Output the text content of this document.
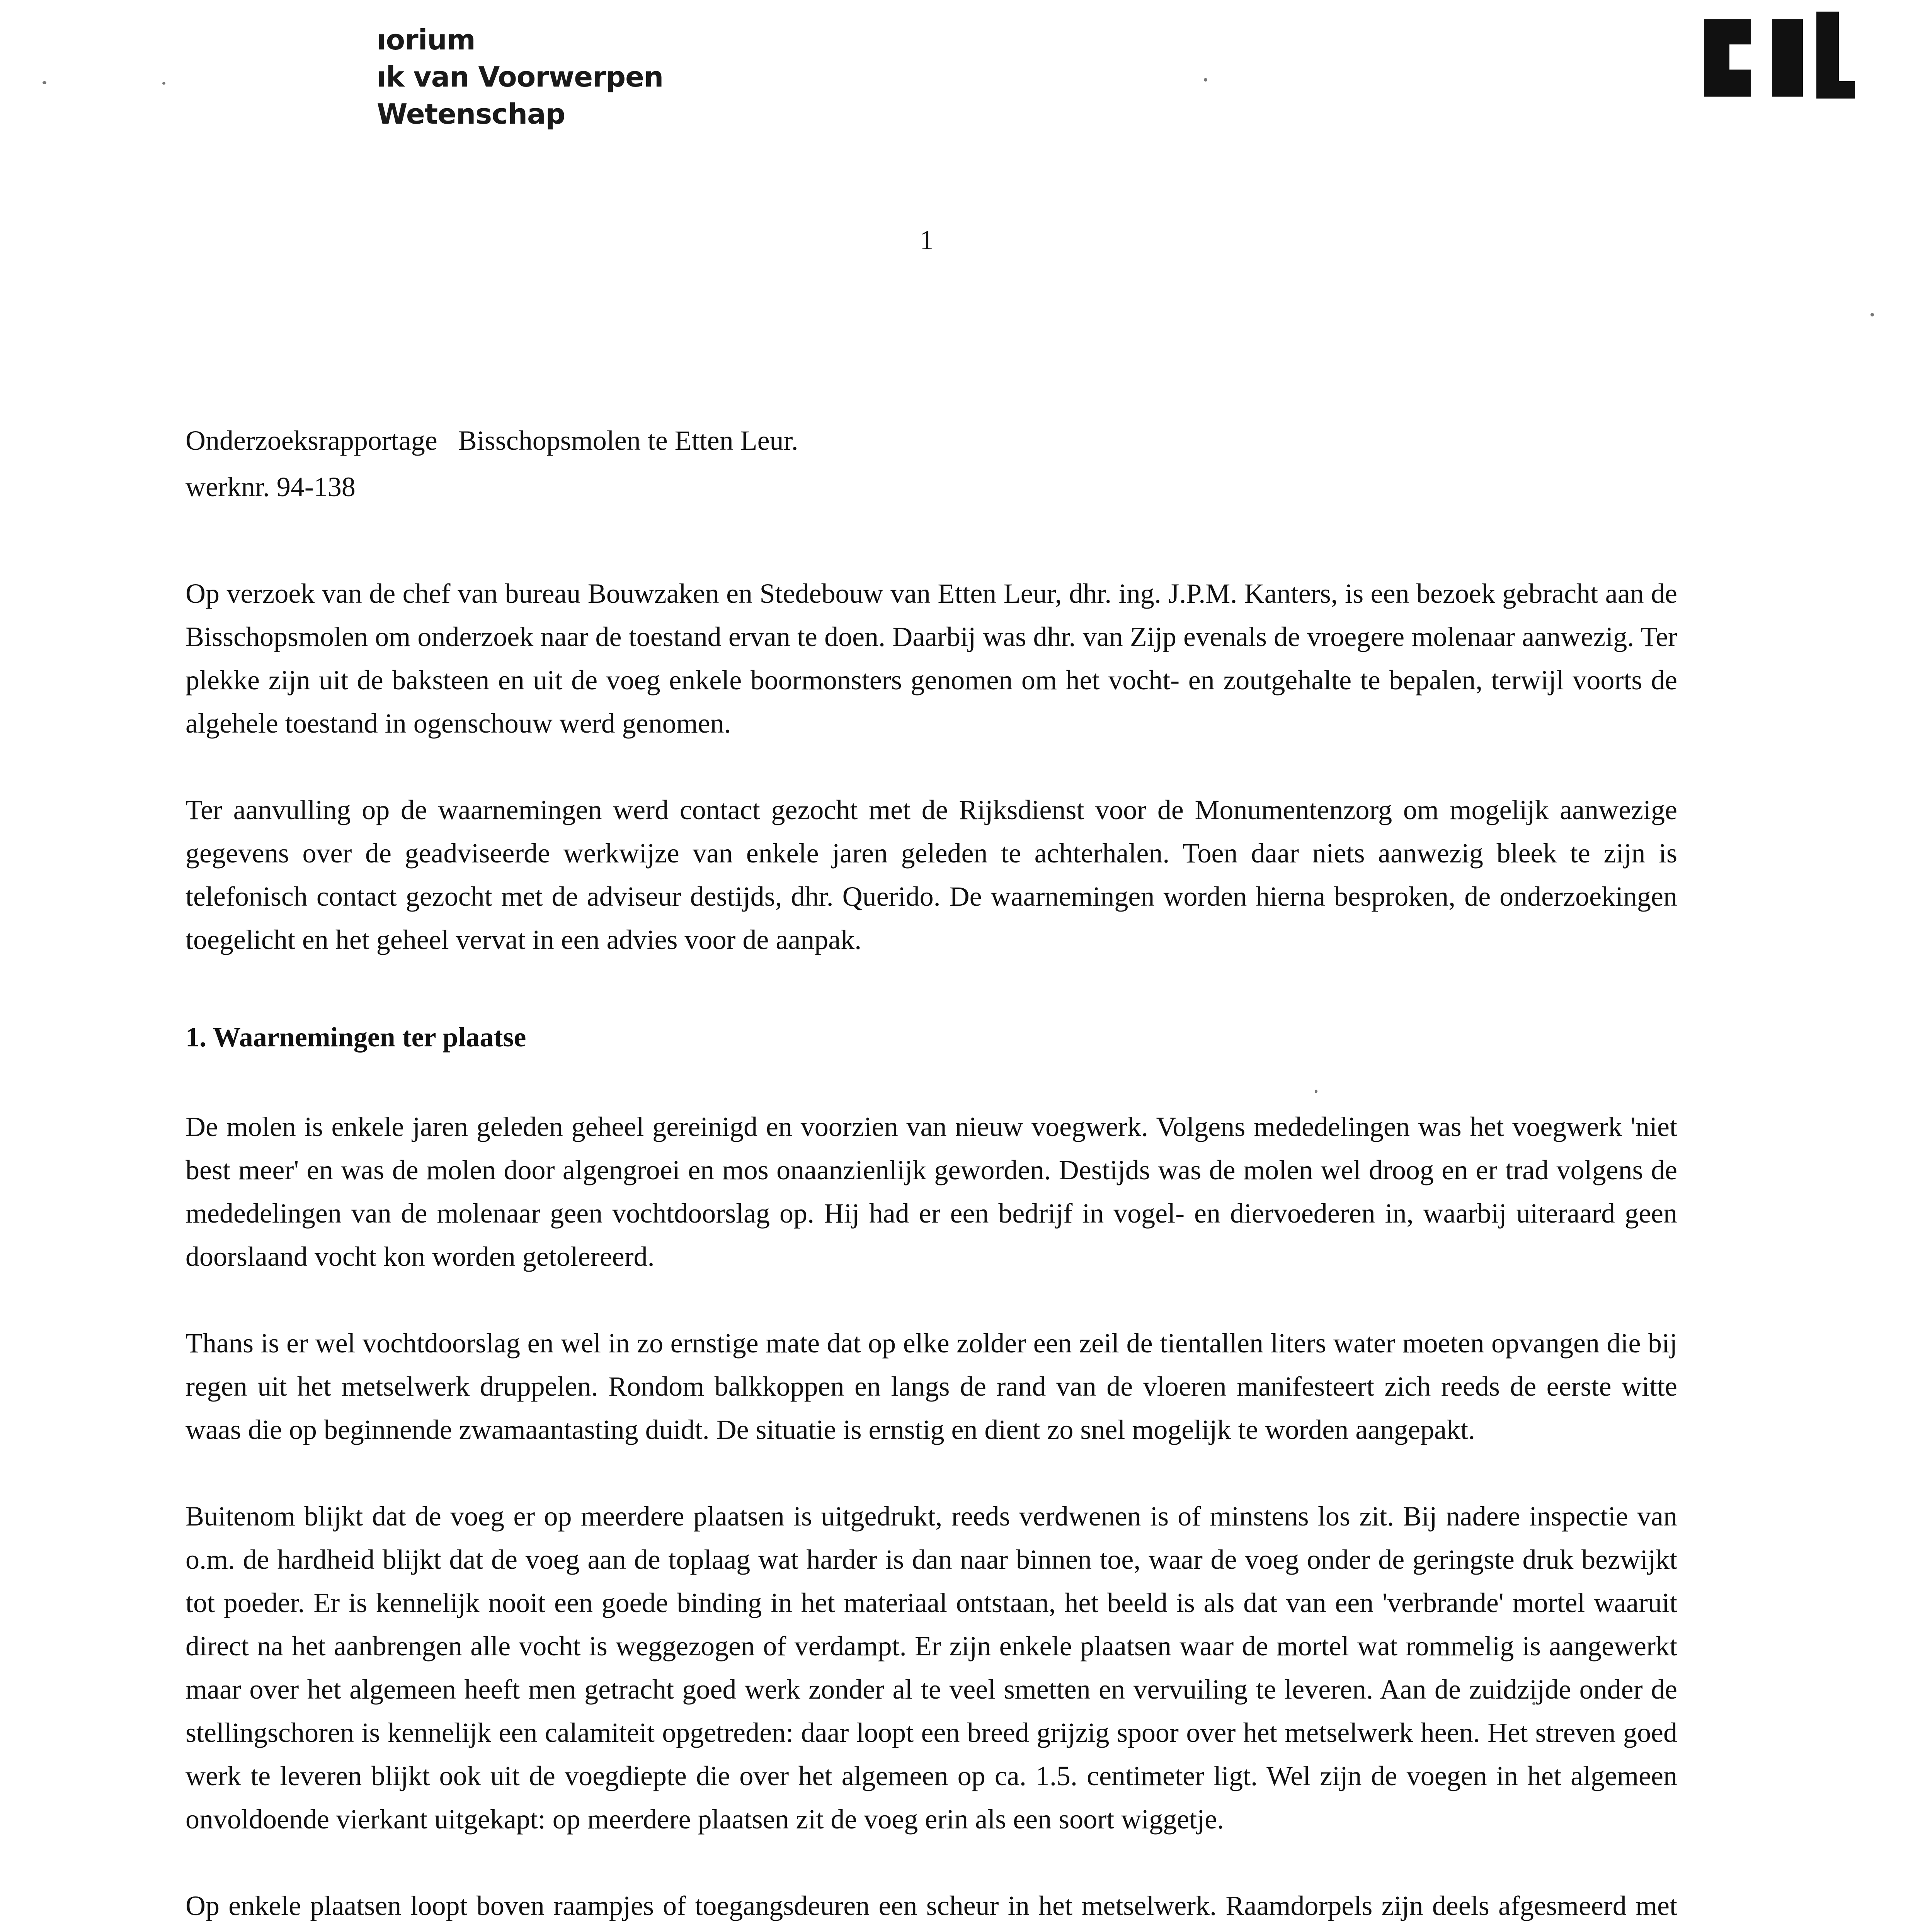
ıorium
ık van Voorwerpen
Wetenschap
1
Onderzoeksrapportage Bisschopsmolen te Etten Leur.
werknr. 94-138

Op verzoek van de chef van bureau Bouwzaken en Stedebouw van Etten Leur, dhr. ing. J.P.M. Kanters, is een bezoek gebracht aan de Bisschopsmolen om onderzoek naar de toestand ervan te doen. Daarbij was dhr. van Zijp evenals de vroegere molenaar aanwezig. Ter plekke zijn uit de baksteen en uit de voeg enkele boormonsters genomen om het vocht- en zoutgehalte te bepalen, terwijl voorts de algehele toestand in ogenschouw werd genomen.

Ter aanvulling op de waarnemingen werd contact gezocht met de Rijksdienst voor de Monumentenzorg om mogelijk aanwezige gegevens over de geadviseerde werkwijze van enkele jaren geleden te achterhalen. Toen daar niets aanwezig bleek te zijn is telefonisch contact gezocht met de adviseur destijds, dhr. Querido. De waarnemingen worden hierna besproken, de onderzoekingen toegelicht en het geheel vervat in een advies voor de aanpak.

1. Waarnemingen ter plaatse

De molen is enkele jaren geleden geheel gereinigd en voorzien van nieuw voegwerk. Volgens mededelingen was het voegwerk 'niet best meer' en was de molen door algengroei en mos onaanzienlijk geworden. Destijds was de molen wel droog en er trad volgens de mededelingen van de molenaar geen vochtdoorslag op. Hij had er een bedrijf in vogel- en diervoederen in, waarbij uiteraard geen doorslaand vocht kon worden getolereerd.

Thans is er wel vochtdoorslag en wel in zo ernstige mate dat op elke zolder een zeil de tientallen liters water moeten opvangen die bij regen uit het metselwerk druppelen. Rondom balkkoppen en langs de rand van de vloeren manifesteert zich reeds de eerste witte waas die op beginnende zwamaantasting duidt. De situatie is ernstig en dient zo snel mogelijk te worden aangepakt.

Buitenom blijkt dat de voeg er op meerdere plaatsen is uitgedrukt, reeds verdwenen is of minstens los zit. Bij nadere inspectie van o.m. de hardheid blijkt dat de voeg aan de toplaag wat harder is dan naar binnen toe, waar de voeg onder de geringste druk bezwijkt tot poeder. Er is kennelijk nooit een goede binding in het materiaal ontstaan, het beeld is als dat van een 'verbrande' mortel waaruit direct na het aanbrengen alle vocht is weggezogen of verdampt. Er zijn enkele plaatsen waar de mortel wat rommelig is aangewerkt maar over het algemeen heeft men getracht goed werk zonder al te veel smetten en vervuiling te leveren. Aan de zuidzijde onder de stellingschoren is kennelijk een calamiteit opgetreden: daar loopt een breed grijzig spoor over het metselwerk heen. Het streven goed werk te leveren blijkt ook uit de voegdiepte die over het algemeen op ca. 1.5. centimeter ligt. Wel zijn de voegen in het algemeen onvoldoende vierkant uitgekapt: op meerdere plaatsen zit de voeg erin als een soort wiggetje.

Op enkele plaatsen loopt boven raampjes of toegangsdeuren een scheur in het metselwerk. Raamdorpels zijn deels afgesmeerd met
